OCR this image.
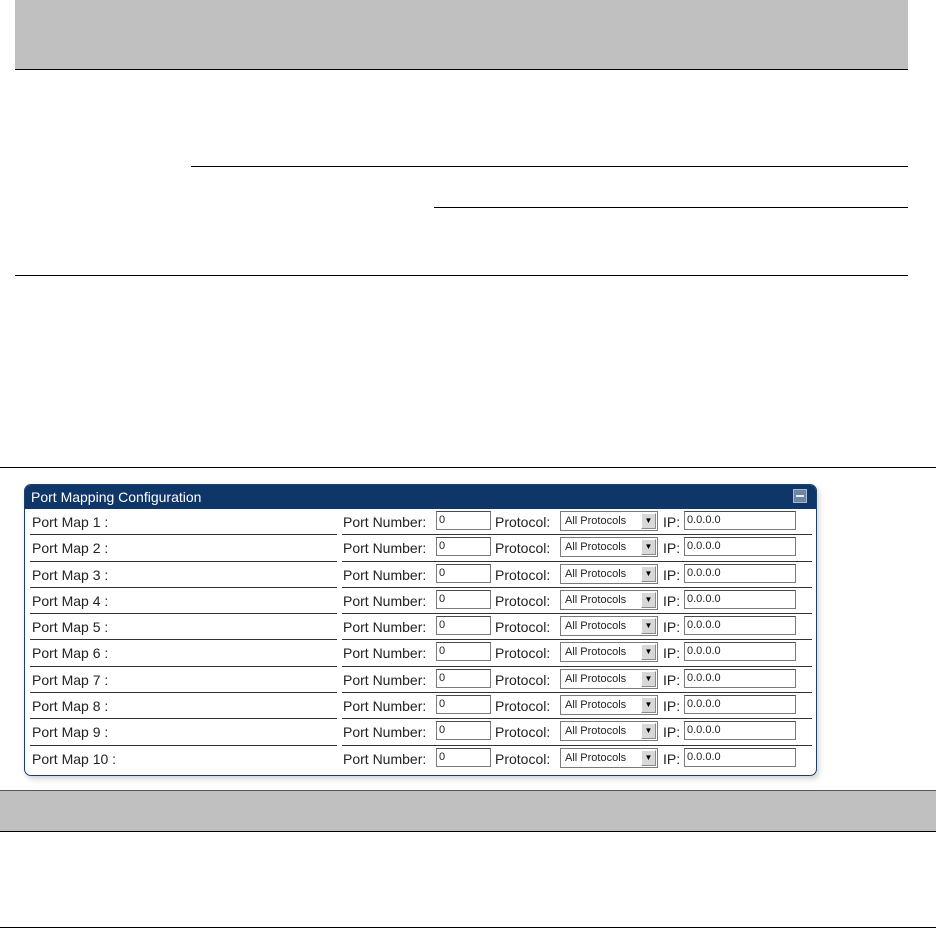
Port Mapping Configuration
Port Map 1 :	Port Number: 0	Protocol: All Protocols	▼ IP: 0.0.0.0
Port Map 2 :	Port Number: 0	Protocol: All Protocols	▼ IP: 0.0.0.0
Port Map 3 :	Port Number: 0	Protocol: All Protocols	▼ IP: 0.0.0.0
Port Map 4 :	Port Number: 0	Protocol: All Protocols	▼ IP: 0.0.0.0
Port Map 5 :	Port Number: 0	Protocol: All Protocols	▼ IP: 0.0.0.0
Port Map 6 :	Port Number: 0	Protocol: All Protocols	▼ IP: 0.0.0.0
Port Map 7 :	Port Number: 0	Protocol: All Protocols	▼ IP: 0.0.0.0
Port Map 8 :	Port Number: 0	Protocol: All Protocols	▼ IP: 0.0.0.0
Port Map 9 :	Port Number: 0	Protocol: All Protocols	▼ IP: 0.0.0.0
Port Map 10 :	Port Number: 0	Protocol: All Protocols	▼ IP: 0.0.0.0
